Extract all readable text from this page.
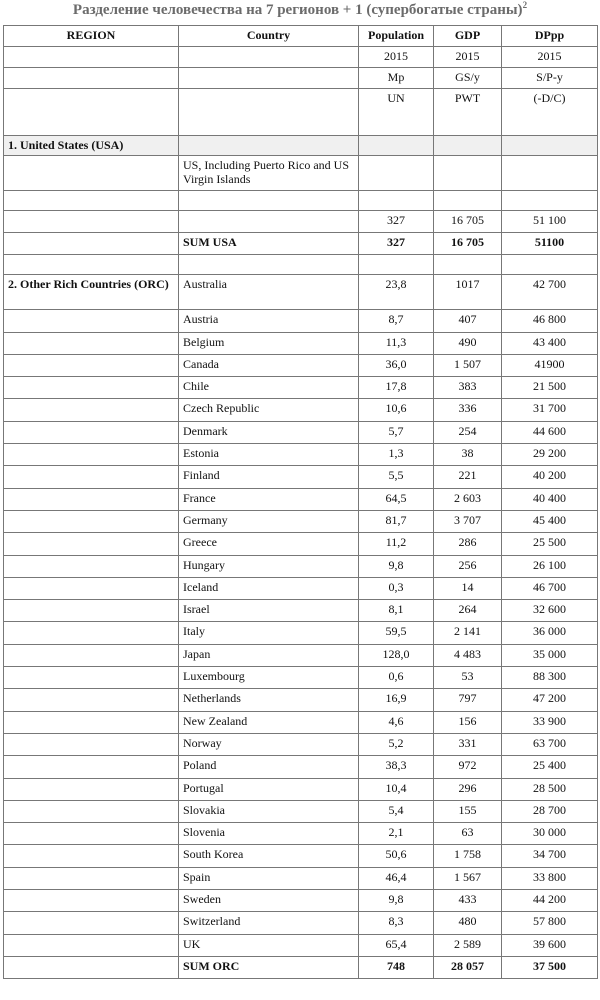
Разделение человечества на 7 регионов + 1 (супербогатые страны)$^2$
REGION	Country	Population	GDP	DPpp
		2015	2015	2015
		Mp	GS/y	S/P-y
		UN	PWT	(-D/C)
1. United States (USA)				
	US, Including Puerto Rico and US Virgin Islands			

		327	16 705	51 100
	SUM USA	327	16 705	51100

2. Other Rich Countries (ORC)	Australia	23,8	1017	42 700
	Austria	8,7	407	46 800
	Belgium	11,3	490	43 400
	Canada	36,0	1 507	41900
	Chile	17,8	383	21 500
	Czech Republic	10,6	336	31 700
	Denmark	5,7	254	44 600
	Estonia	1,3	38	29 200
	Finland	5,5	221	40 200
	France	64,5	2 603	40 400
	Germany	81,7	3 707	45 400
	Greece	11,2	286	25 500
	Hungary	9,8	256	26 100
	Iceland	0,3	14	46 700
	Israel	8,1	264	32 600
	Italy	59,5	2 141	36 000
	Japan	128,0	4 483	35 000
	Luxembourg	0,6	53	88 300
	Netherlands	16,9	797	47 200
	New Zealand	4,6	156	33 900
	Norway	5,2	331	63 700
	Poland	38,3	972	25 400
	Portugal	10,4	296	28 500
	Slovakia	5,4	155	28 700
	Slovenia	2,1	63	30 000
	South Korea	50,6	1 758	34 700
	Spain	46,4	1 567	33 800
	Sweden	9,8	433	44 200
	Switzerland	8,3	480	57 800
	UK	65,4	2 589	39 600
	SUM ORC	748	28 057	37 500
